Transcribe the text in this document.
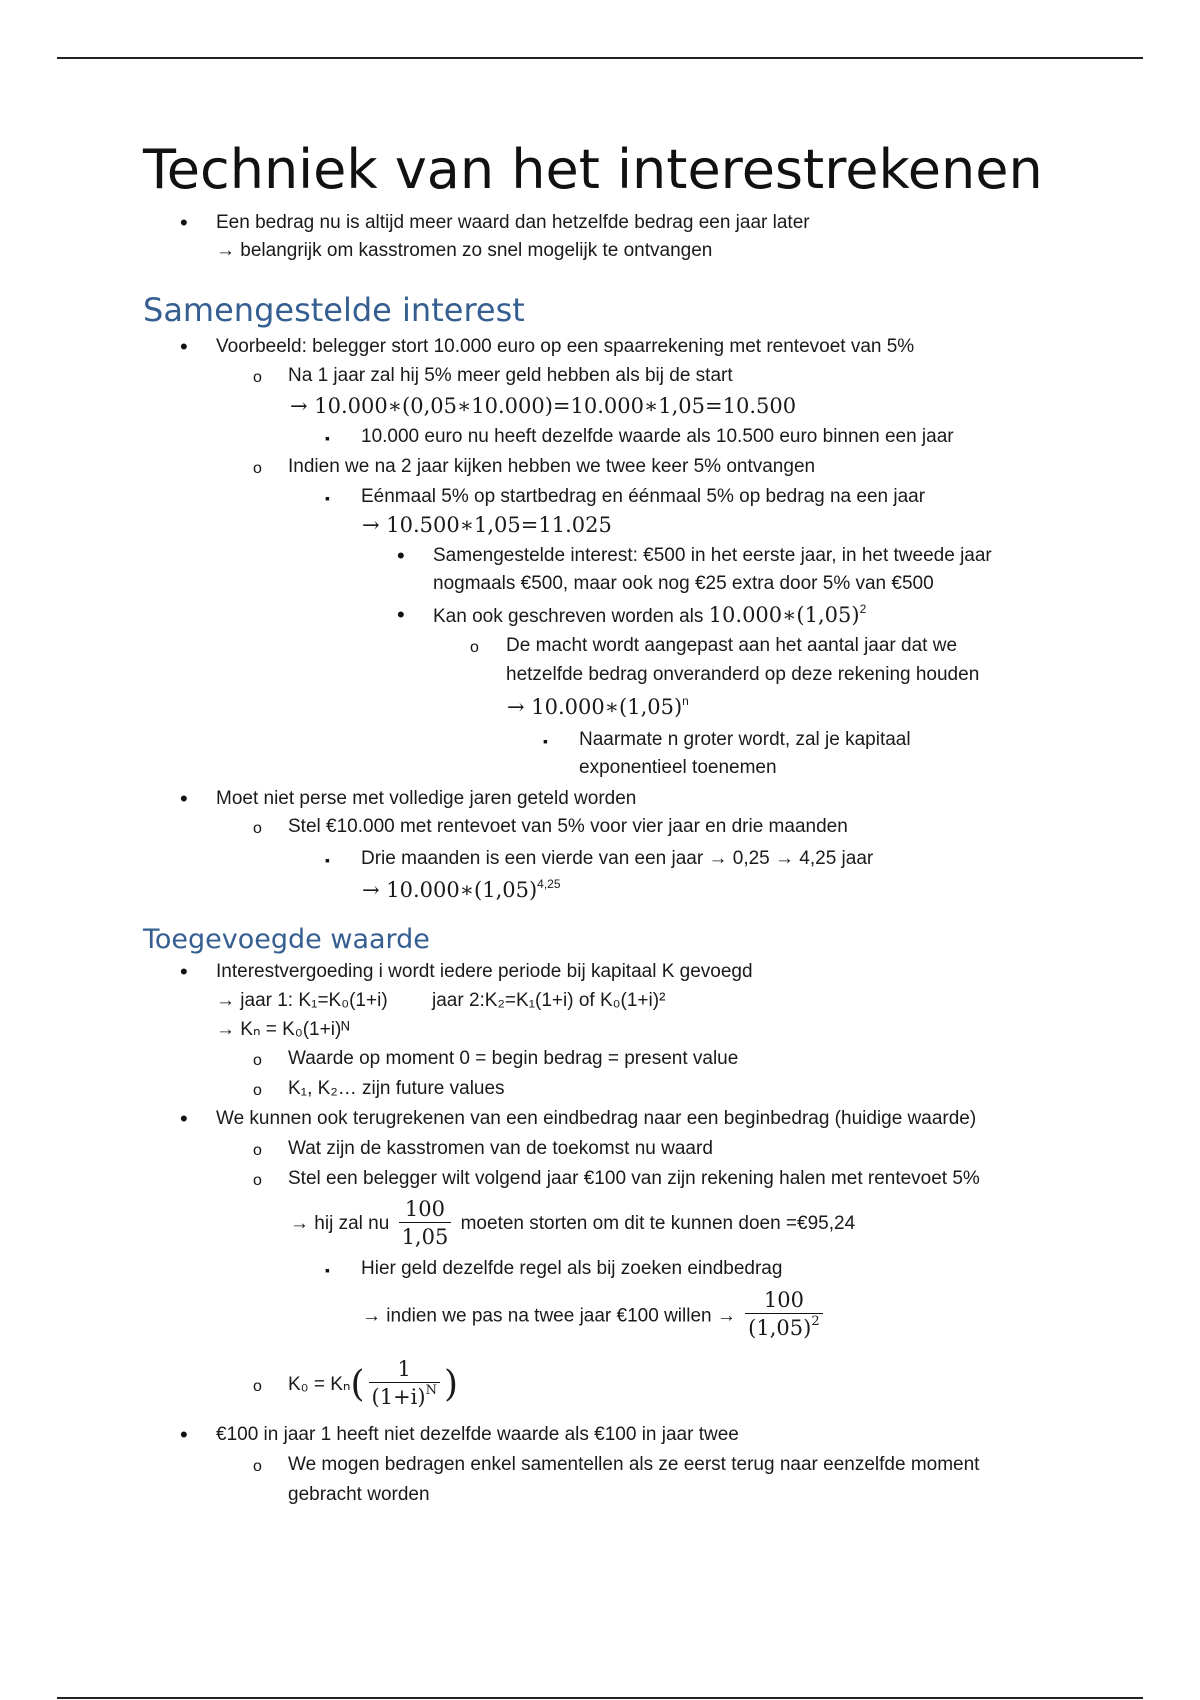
Techniek van het interestrekenen
•
Een bedrag nu is altijd meer waard dan hetzelfde bedrag een jaar later
→ belangrijk om kasstromen zo snel mogelijk te ontvangen
Samengestelde interest
•
Voorbeeld: belegger stort 10.000 euro op een spaarrekening met rentevoet van 5%
o
Na 1 jaar zal hij 5% meer geld hebben als bij de start
→ 10.000∗(0,05∗10.000)=10.000∗1,05=10.500
▪
10.000 euro nu heeft dezelfde waarde als 10.500 euro binnen een jaar
o
Indien we na 2 jaar kijken hebben we twee keer 5% ontvangen
▪
Eénmaal 5% op startbedrag en éénmaal 5% op bedrag na een jaar
→ 10.500∗1,05=11.025
•
Samengestelde interest: €500 in het eerste jaar, in het tweede jaar
nogmaals €500, maar ook nog €25 extra door 5% van €500
•
Kan ook geschreven worden als $10.000∗(1,05)^2$
o
De macht wordt aangepast aan het aantal jaar dat we
hetzelfde bedrag onveranderd op deze rekening houden
→ $10.000∗(1,05)^n$
▪
Naarmate n groter wordt, zal je kapitaal
exponentieel toenemen
•
Moet niet perse met volledige jaren geteld worden
o
Stel €10.000 met rentevoet van 5% voor vier jaar en drie maanden
▪
Drie maanden is een vierde van een jaar → 0,25 → 4,25 jaar
→ $10.000∗(1,05)^{4,25}$
Toegevoegde waarde
•
Interestvergoeding i wordt iedere periode bij kapitaal K gevoegd
→ jaar 1: K₁=K₀(1+i) jaar 2:K₂=K₁(1+i) of K₀(1+i)²
→ Kₙ = K₀(1+i)ᴺ
o
Waarde op moment 0 = begin bedrag = present value
o
K₁, K₂… zijn future values
•
We kunnen ook terugrekenen van een eindbedrag naar een beginbedrag (huidige waarde)
o
Wat zijn de kasstromen van de toekomst nu waard
o
Stel een belegger wilt volgend jaar €100 van zijn rekening halen met rentevoet 5%
→ hij zal nu $\frac{100}{1,05}$ moeten storten om dit te kunnen doen =€95,24
▪
Hier geld dezelfde regel als bij zoeken eindbedrag
→ indien we pas na twee jaar €100 willen → $\frac{100}{(1,05)^2}$
o
$K_0 = K_n( \frac{1}{(1+i)^N}$ )
•
€100 in jaar 1 heeft niet dezelfde waarde als €100 in jaar twee
o
We mogen bedragen enkel samentellen als ze eerst terug naar eenzelfde moment
gebracht worden
